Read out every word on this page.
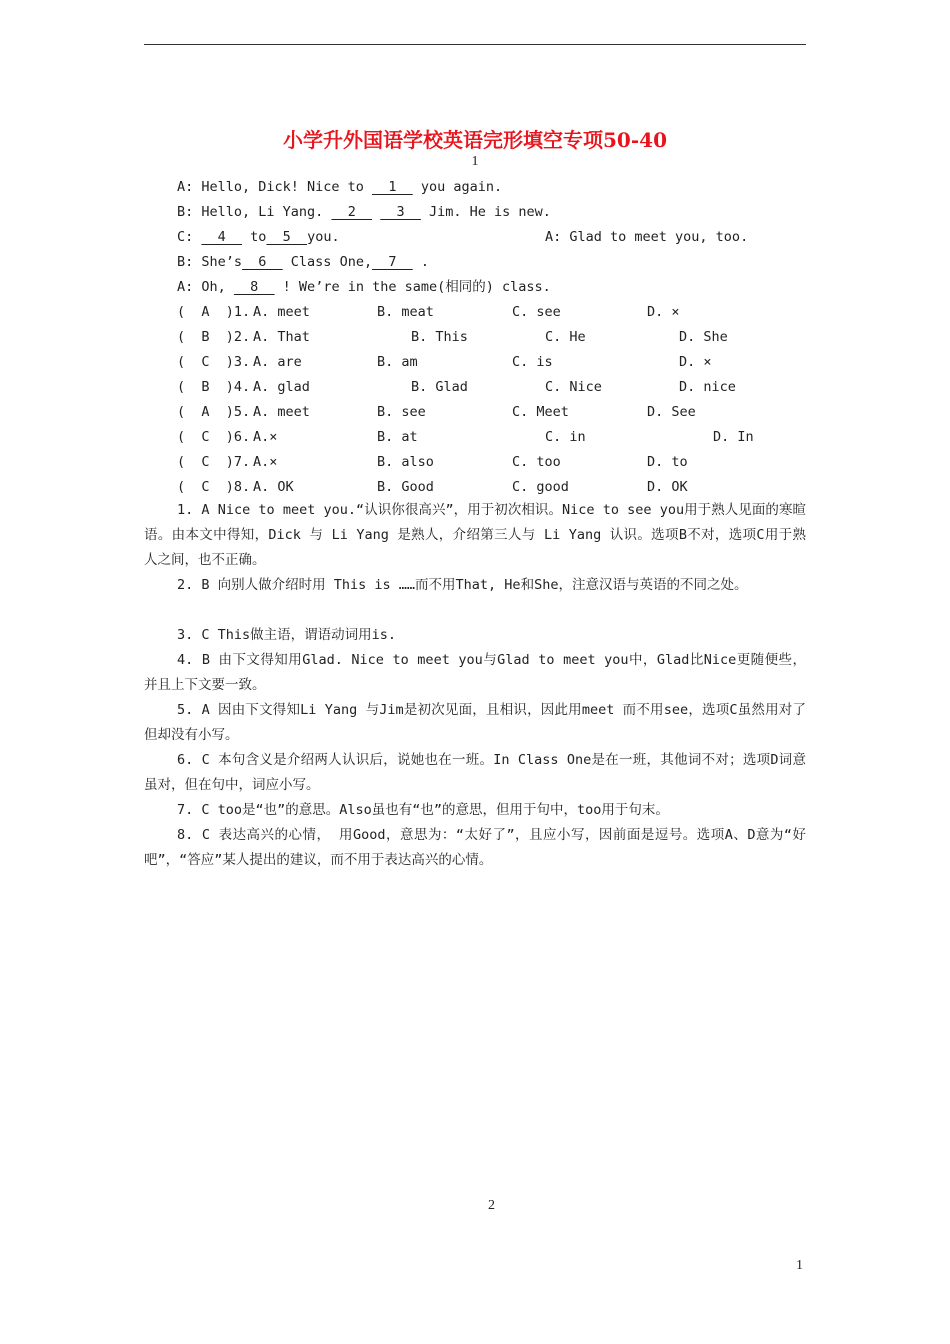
小学升外国语学校英语完形填空专项50-40
1
A: Hello, Dick! Nice to   1   you again.
B: Hello, Li Yang.   2     3   Jim. He is new.
C:   4   to  5  you.	A: Glad to meet you, too.
B: She’s  6   Class One,  7   .
A: Oh,   8   ! We’re in the same(相同的) class.
(  A  )1. A. meet	B. meat	C. see	D. ×
(  B  )2. A. That	B. This	C. He	D. She
(  C  )3. A. are	B. am	C. is	D. ×
(  B  )4. A. glad	B. Glad	C. Nice	D. nice
(  A  )5. A. meet	B. see	C. Meet	D. See
(  C  )6. A.×	B. at	C. in	D. In
(  C  )7. A.×	B. also	C. too	D. to
(  C  )8. A. OK	B. Good	C. good	D. OK
1. A Nice to meet you.“认识你很高兴”，用于初次相识。Nice to see you用于熟人见面的寒暄语。由本文中得知，Dick 与 Li Yang 是熟人，介绍第三人与 Li Yang 认识。选项B不对，选项C用于熟人之间，也不正确。
2. B 向别人做介绍时用 This is ……而不用That, He和She，注意汉语与英语的不同之处。
3. C This做主语，谓语动词用is.
4. B 由下文得知用Glad. Nice to meet you与Glad to meet you中，Glad比Nice更随便些，并且上下文要一致。
5. A 因由下文得知Li Yang 与Jim是初次见面，且相识，因此用meet 而不用see，选项C虽然用对了但却没有小写。
6. C 本句含义是介绍两人认识后，说她也在一班。In Class One是在一班，其他词不对；选项D词意虽对，但在句中，词应小写。
7. C too是“也”的意思。Also虽也有“也”的意思，但用于句中，too用于句末。
8. C 表达高兴的心情， 用Good，意思为：“太好了”，且应小写，因前面是逗号。选项A、D意为“好吧”，“答应”某人提出的建议，而不用于表达高兴的心情。
2
1
